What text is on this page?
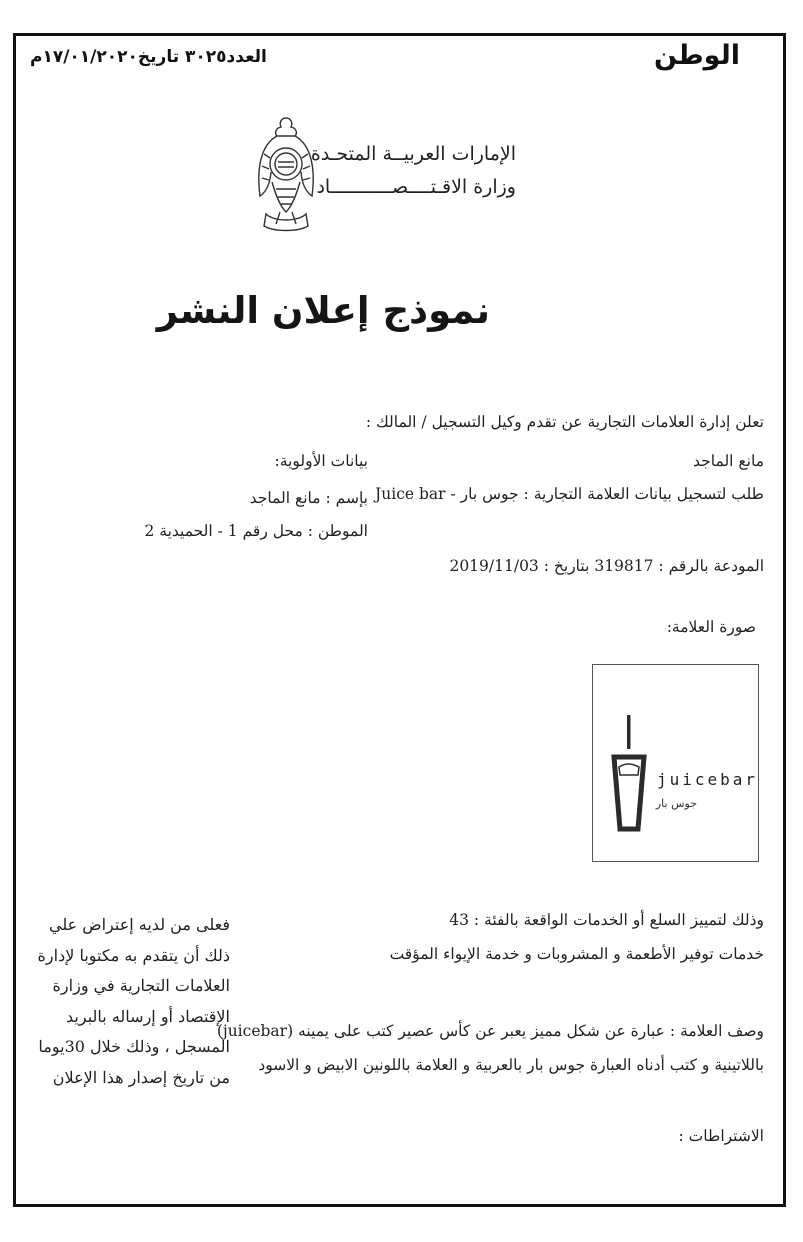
الوطن
العدد٣٠٢٥ تاريخ١٧/٠١/٢٠٢٠م
الإمارات العربيــة المتحـدة
وزارة الاقـتــــصـــــــــــاد
نموذج إعلان النشر
تعلن إدارة العلامات التجارية عن تقدم وكيل التسجيل / المالك :
مانع الماجد
طلب لتسجيل بيانات العلامة التجارية : جوس بار - Juice bar
المودعة بالرقم : 319817 بتاريخ : 2019/11/03
صورة العلامة:
بيانات الأولوية:
بإسم : مانع الماجد
الموطن : محل رقم 1 - الحميدية 2
juicebar
جوس بار
وذلك لتمييز السلع أو الخدمات الواقعة بالفئة : 43
خدمات توفير الأطعمة و المشروبات و خدمة الإيواء المؤقت
وصف العلامة : عبارة عن شكل مميز يعبر عن كأس عصير كتب على يمينه (juicebar)
باللاتينية و كتب أدناه العبارة جوس بار بالعربية و العلامة باللونين الابيض و الاسود
الاشتراطات :
فعلى من لديه إعتراض علي
ذلك أن يتقدم به مكتوبا لإدارة
العلامات التجارية في وزارة
الإقتصاد أو إرساله بالبريد
المسجل ، وذلك خلال 30يوما
من تاريخ إصدار هذا الإعلان
